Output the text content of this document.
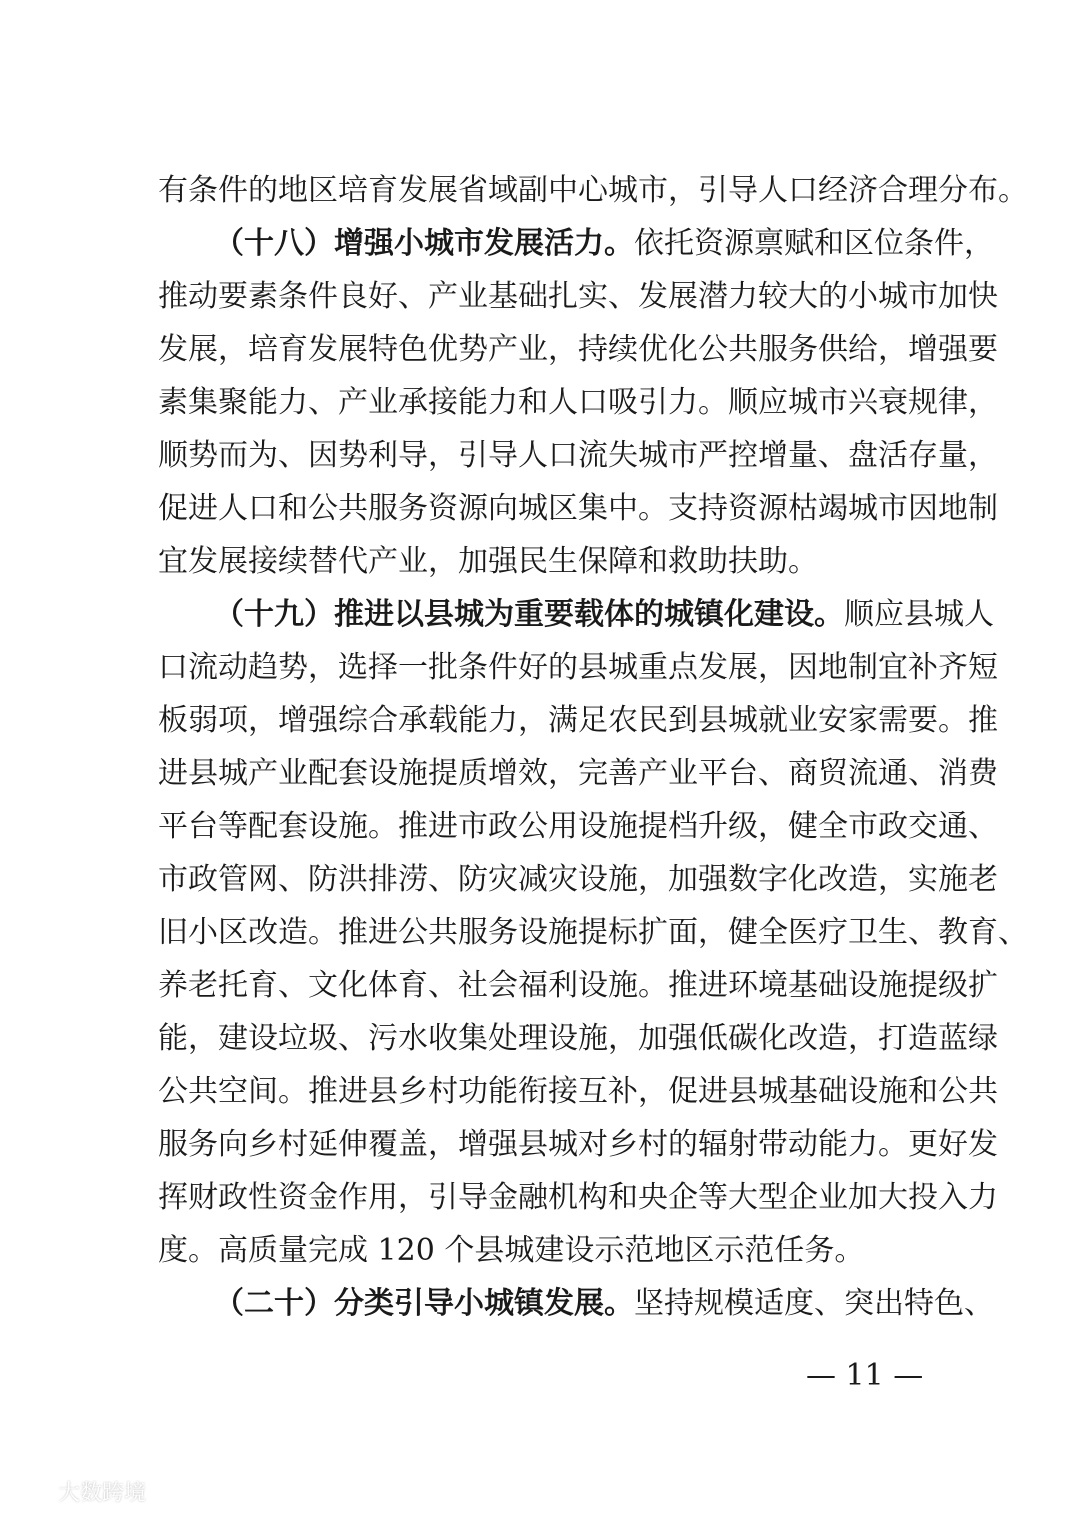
有条件的地区培育发展省域副中心城市，引导人口经济合理分布。
（十八）增强小城市发展活力。依托资源禀赋和区位条件，
推动要素条件良好、产业基础扎实、发展潜力较大的小城市加快
发展，培育发展特色优势产业，持续优化公共服务供给，增强要
素集聚能力、产业承接能力和人口吸引力。顺应城市兴衰规律，
顺势而为、因势利导，引导人口流失城市严控增量、盘活存量，
促进人口和公共服务资源向城区集中。支持资源枯竭城市因地制
宜发展接续替代产业，加强民生保障和救助扶助。
（十九）推进以县城为重要载体的城镇化建设。顺应县城人
口流动趋势，选择一批条件好的县城重点发展，因地制宜补齐短
板弱项，增强综合承载能力，满足农民到县城就业安家需要。推
进县城产业配套设施提质增效，完善产业平台、商贸流通、消费
平台等配套设施。推进市政公用设施提档升级，健全市政交通、
市政管网、防洪排涝、防灾减灾设施，加强数字化改造，实施老
旧小区改造。推进公共服务设施提标扩面，健全医疗卫生、教育、
养老托育、文化体育、社会福利设施。推进环境基础设施提级扩
能，建设垃圾、污水收集处理设施，加强低碳化改造，打造蓝绿
公共空间。推进县乡村功能衔接互补，促进县城基础设施和公共
服务向乡村延伸覆盖，增强县城对乡村的辐射带动能力。更好发
挥财政性资金作用，引导金融机构和央企等大型企业加大投入力
度。高质量完成 120 个县城建设示范地区示范任务。
（二十）分类引导小城镇发展。坚持规模适度、突出特色、
— 11 —
大数跨境
